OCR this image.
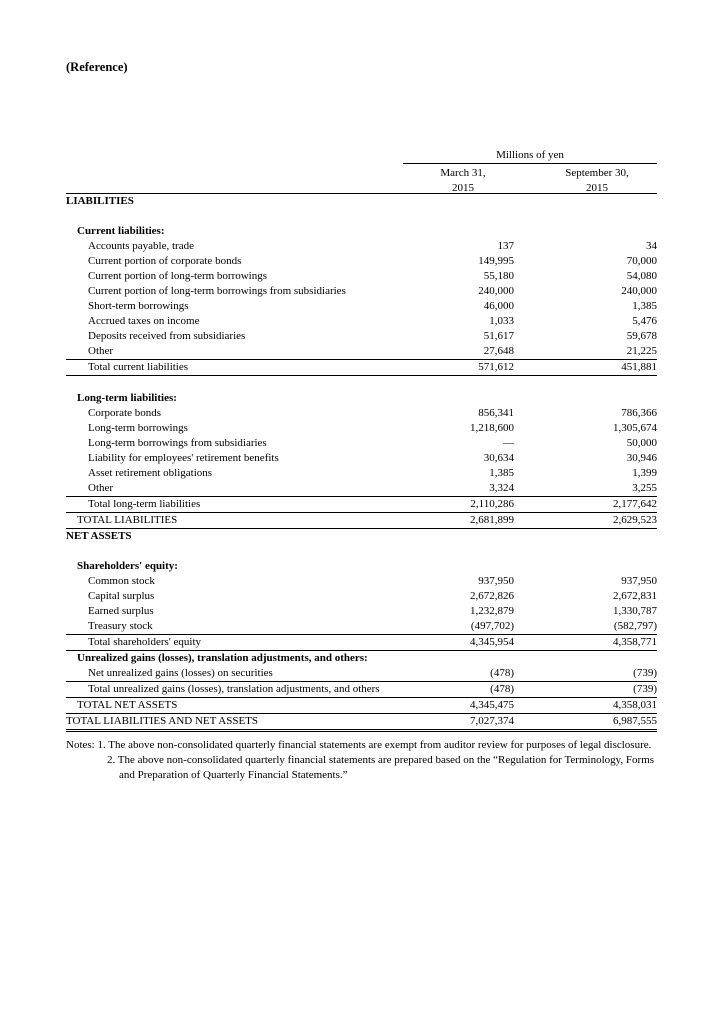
(Reference)
Millions of yen
March 31,
2015
September 30,
2015
LIABILITIES			

Current liabilities:			
Accounts payable, trade	137		34
Current portion of corporate bonds	149,995		70,000
Current portion of long-term borrowings	55,180		54,080
Current portion of long-term borrowings from subsidiaries	240,000		240,000
Short-term borrowings	46,000		1,385
Accrued taxes on income	1,033		5,476
Deposits received from subsidiaries	51,617		59,678
Other	27,648		21,225
Total current liabilities	571,612		451,881

Long-term liabilities:			
Corporate bonds	856,341		786,366
Long-term borrowings	1,218,600		1,305,674
Long-term borrowings from subsidiaries	—		50,000
Liability for employees' retirement benefits	30,634		30,946
Asset retirement obligations	1,385		1,399
Other	3,324		3,255
Total long-term liabilities	2,110,286		2,177,642
TOTAL LIABILITIES	2,681,899		2,629,523
NET ASSETS			

Shareholders' equity:			
Common stock	937,950		937,950
Capital surplus	2,672,826		2,672,831
Earned surplus	1,232,879		1,330,787
Treasury stock	(497,702)		(582,797)
Total shareholders' equity	4,345,954		4,358,771
Unrealized gains (losses), translation adjustments, and others:			
Net unrealized gains (losses) on securities	(478)		(739)
Total unrealized gains (losses), translation adjustments, and others	(478)		(739)
TOTAL NET ASSETS	4,345,475		4,358,031
TOTAL LIABILITIES AND NET ASSETS	7,027,374		6,987,555
Notes: 1. The above non-consolidated quarterly financial statements are exempt from auditor review for purposes of legal disclosure.
2. The above non-consolidated quarterly financial statements are prepared based on the “Regulation for Terminology, Forms
and Preparation of Quarterly Financial Statements.”
